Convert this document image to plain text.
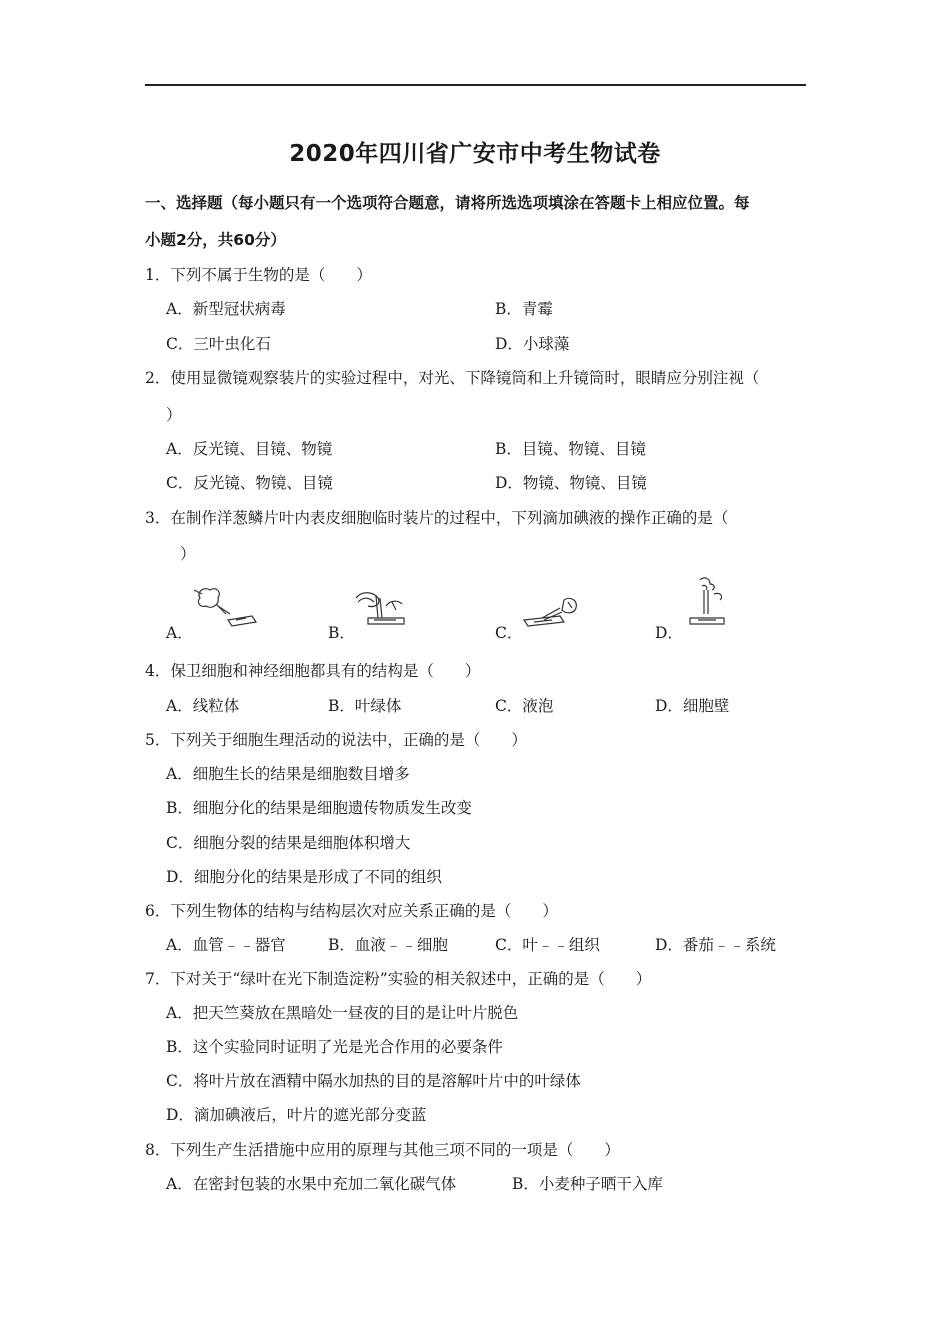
2020年四川省广安市中考生物试卷
一、选择题（每小题只有一个选项符合题意，请将所选选项填涂在答题卡上相应位置。每
小题2分，共60分）
1．下列不属于生物的是（　　）
A．新型冠状病毒	B．青霉
C．三叶虫化石	D．小球藻
2．使用显微镜观察装片的实验过程中，对光、下降镜筒和上升镜筒时，眼睛应分别注视（
）
A．反光镜、目镜、物镜	B．目镜、物镜、目镜
C．反光镜、物镜、目镜	D．物镜、物镜、目镜
3．在制作洋葱鳞片叶内表皮细胞临时装片的过程中，下列滴加碘液的操作正确的是（
）
A．	B．	C．	D．
4．保卫细胞和神经细胞都具有的结构是（　　）
A．线粒体	B．叶绿体	C．液泡	D．细胞壁
5．下列关于细胞生理活动的说法中，正确的是（　　）
A．细胞生长的结果是细胞数目增多
B．细胞分化的结果是细胞遗传物质发生改变
C．细胞分裂的结果是细胞体积增大
D．细胞分化的结果是形成了不同的组织
6．下列生物体的结构与结构层次对应关系正确的是（　　）
A．血管﹣﹣器官	B．血液﹣﹣细胞	C．叶﹣﹣组织	D．番茄﹣﹣系统
7．下对关于“绿叶在光下制造淀粉”实验的相关叙述中，正确的是（　　）
A．把天竺葵放在黑暗处一昼夜的目的是让叶片脱色
B．这个实验同时证明了光是光合作用的必要条件
C．将叶片放在酒精中隔水加热的目的是溶解叶片中的叶绿体
D．滴加碘液后，叶片的遮光部分变蓝
8．下列生产生活措施中应用的原理与其他三项不同的一项是（　　）
A．在密封包装的水果中充加二氧化碳气体	B．小麦种子晒干入库
